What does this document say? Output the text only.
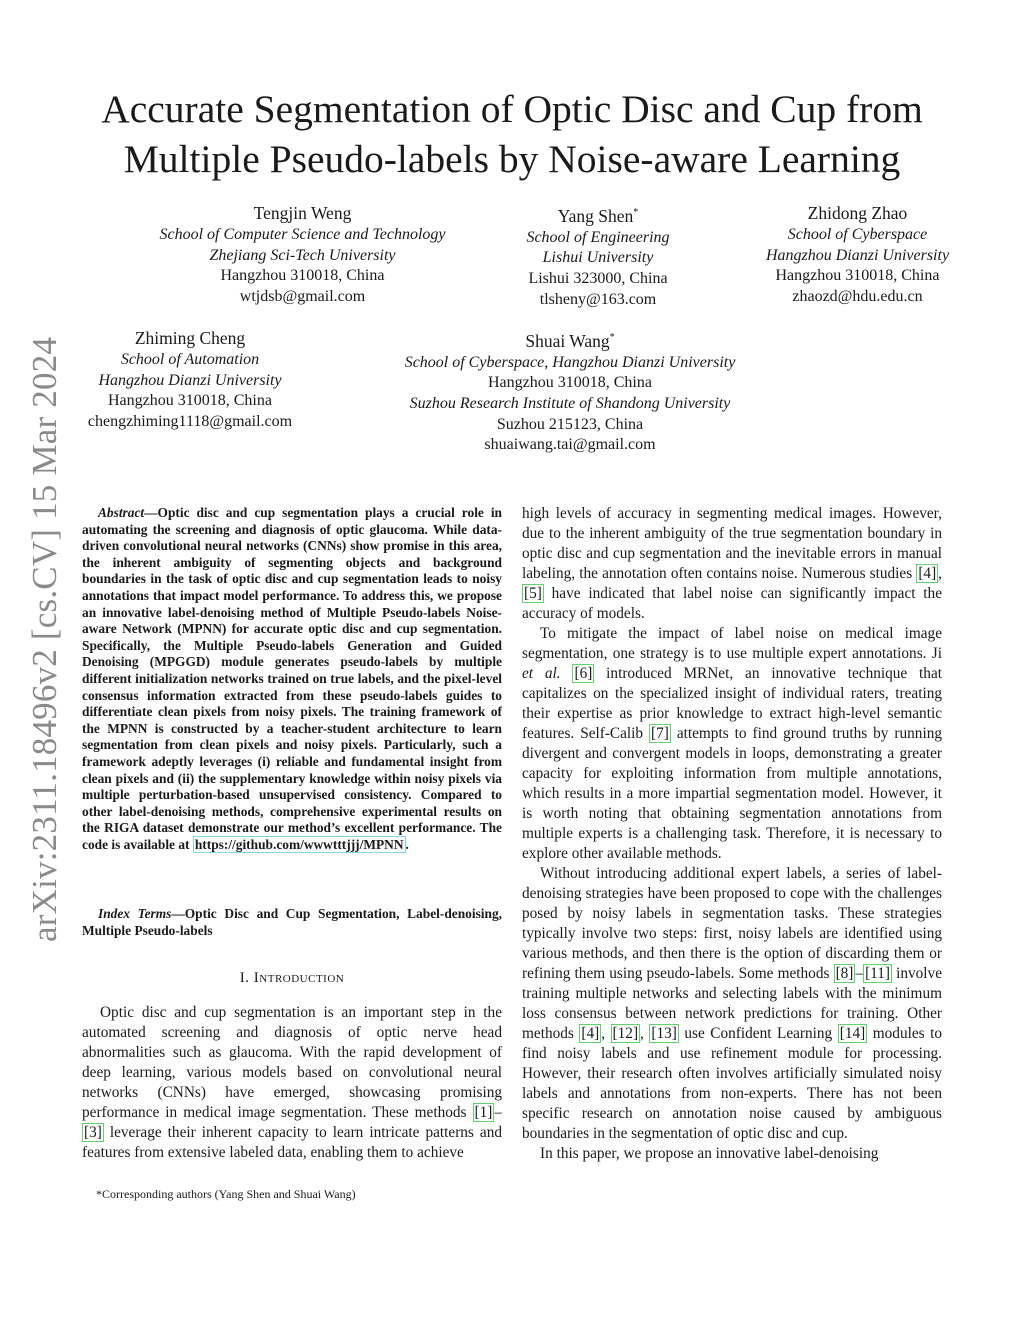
arXiv:2311.18496v2 [cs.CV] 15 Mar 2024
Accurate Segmentation of Optic Disc and Cup from
Multiple Pseudo-labels by Noise-aware Learning
Tengjin Weng
School of Computer Science and Technology
Zhejiang Sci-Tech University
Hangzhou 310018, China
wtjdsb@gmail.com
Yang Shen*
School of Engineering
Lishui University
Lishui 323000, China
tlsheny@163.com
Zhidong Zhao
School of Cyberspace
Hangzhou Dianzi University
Hangzhou 310018, China
zhaozd@hdu.edu.cn
Zhiming Cheng
School of Automation
Hangzhou Dianzi University
Hangzhou 310018, China
chengzhiming1118@gmail.com
Shuai Wang*
School of Cyberspace, Hangzhou Dianzi University
Hangzhou 310018, China
Suzhou Research Institute of Shandong University
Suzhou 215123, China
shuaiwang.tai@gmail.com
Abstract—Optic disc and cup segmentation plays a crucial role in automating the screening and diagnosis of optic glaucoma. While data-driven convolutional neural networks (CNNs) show promise in this area, the inherent ambiguity of segmenting objects and background boundaries in the task of optic disc and cup segmentation leads to noisy annotations that impact model performance. To address this, we propose an innovative label-denoising method of Multiple Pseudo-labels Noise-aware Network (MPNN) for accurate optic disc and cup segmentation. Specifically, the Multiple Pseudo-labels Generation and Guided Denoising (MPGGD) module generates pseudo-labels by multiple different initialization networks trained on true labels, and the pixel-level consensus information extracted from these pseudo-labels guides to differentiate clean pixels from noisy pixels. The training framework of the MPNN is constructed by a teacher-student architecture to learn segmentation from clean pixels and noisy pixels. Particularly, such a framework adeptly leverages (i) reliable and fundamental insight from clean pixels and (ii) the supplementary knowledge within noisy pixels via multiple perturbation-based unsupervised consistency. Compared to other label-denoising methods, comprehensive experimental results on the RIGA dataset demonstrate our method’s excellent performance. The code is available at https://github.com/wwwtttjjj/MPNN .
Index Terms—Optic Disc and Cup Segmentation, Label-denoising, Multiple Pseudo-labels
I. Introduction

Optic disc and cup segmentation is an important step in the automated screening and diagnosis of optic nerve head abnormalities such as glaucoma. With the rapid development of deep learning, various models based on convolutional neural networks (CNNs) have emerged, showcasing promising performance in medical image segmentation. These methods [1] –[3] leverage their inherent capacity to learn intricate patterns and features from extensive labeled data, enabling them to achieve

*Corresponding authors (Yang Shen and Shuai Wang)

high levels of accuracy in segmenting medical images. However, due to the inherent ambiguity of the true segmentation boundary in optic disc and cup segmentation and the inevitable errors in manual labeling, the annotation often contains noise. Numerous studies [4] , [5] have indicated that label noise can significantly impact the accuracy of models.

To mitigate the impact of label noise on medical image segmentation, one strategy is to use multiple expert annotations. Ji et al. [6] introduced MRNet, an innovative technique that capitalizes on the specialized insight of individual raters, treating their expertise as prior knowledge to extract high-level semantic features. Self-Calib [7] attempts to find ground truths by running divergent and convergent models in loops, demonstrating a greater capacity for exploiting information from multiple annotations, which results in a more impartial segmentation model. However, it is worth noting that obtaining segmentation annotations from multiple experts is a challenging task. Therefore, it is necessary to explore other available methods.

Without introducing additional expert labels, a series of label-denoising strategies have been proposed to cope with the challenges posed by noisy labels in segmentation tasks. These strategies typically involve two steps: first, noisy labels are identified using various methods, and then there is the option of discarding them or refining them using pseudo-labels. Some methods [8] – [11] involve training multiple networks and selecting labels with the minimum loss consensus between network predictions for training. Other methods [4] , [12] , [13] use Confident Learning [14] modules to find noisy labels and use refinement module for processing. However, their research often involves artificially simulated noisy labels and annotations from non-experts. There has not been specific research on annotation noise caused by ambiguous boundaries in the segmentation of optic disc and cup.

In this paper, we propose an innovative label-denoising
